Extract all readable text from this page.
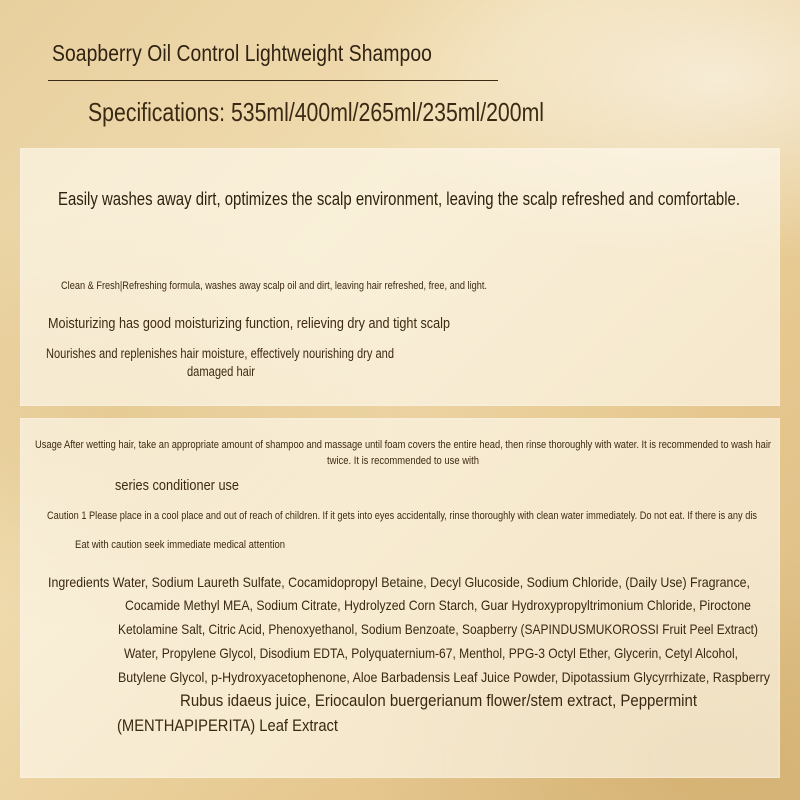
Soapberry Oil Control Lightweight Shampoo
Specifications: 535ml/400ml/265ml/235ml/200ml
Easily washes away dirt, optimizes the scalp environment, leaving the scalp refreshed and comfortable.
Clean & Fresh|Refreshing formula, washes away scalp oil and dirt, leaving hair refreshed, free, and light.
Moisturizing has good moisturizing function, relieving dry and tight scalp
Nourishes and replenishes hair moisture, effectively nourishing dry and
damaged hair
Usage After wetting hair, take an appropriate amount of shampoo and massage until foam covers the entire head, then rinse thoroughly with water. It is recommended to wash hair
twice. It is recommended to use with
series conditioner use
Caution 1 Please place in a cool place and out of reach of children. If it gets into eyes accidentally, rinse thoroughly with clean water immediately. Do not eat. If there is any dis
Eat with caution seek immediate medical attention
Ingredients Water, Sodium Laureth Sulfate, Cocamidopropyl Betaine, Decyl Glucoside, Sodium Chloride, (Daily Use) Fragrance,
Cocamide Methyl MEA, Sodium Citrate, Hydrolyzed Corn Starch, Guar Hydroxypropyltrimonium Chloride, Piroctone
Ketolamine Salt, Citric Acid, Phenoxyethanol, Sodium Benzoate, Soapberry (SAPINDUSMUKOROSSI Fruit Peel Extract)
Water, Propylene Glycol, Disodium EDTA, Polyquaternium-67, Menthol, PPG-3 Octyl Ether, Glycerin, Cetyl Alcohol,
Butylene Glycol, p-Hydroxyacetophenone, Aloe Barbadensis Leaf Juice Powder, Dipotassium Glycyrrhizate, Raspberry
Rubus idaeus juice, Eriocaulon buergerianum flower/stem extract, Peppermint
(MENTHAPIPERITA) Leaf Extract
